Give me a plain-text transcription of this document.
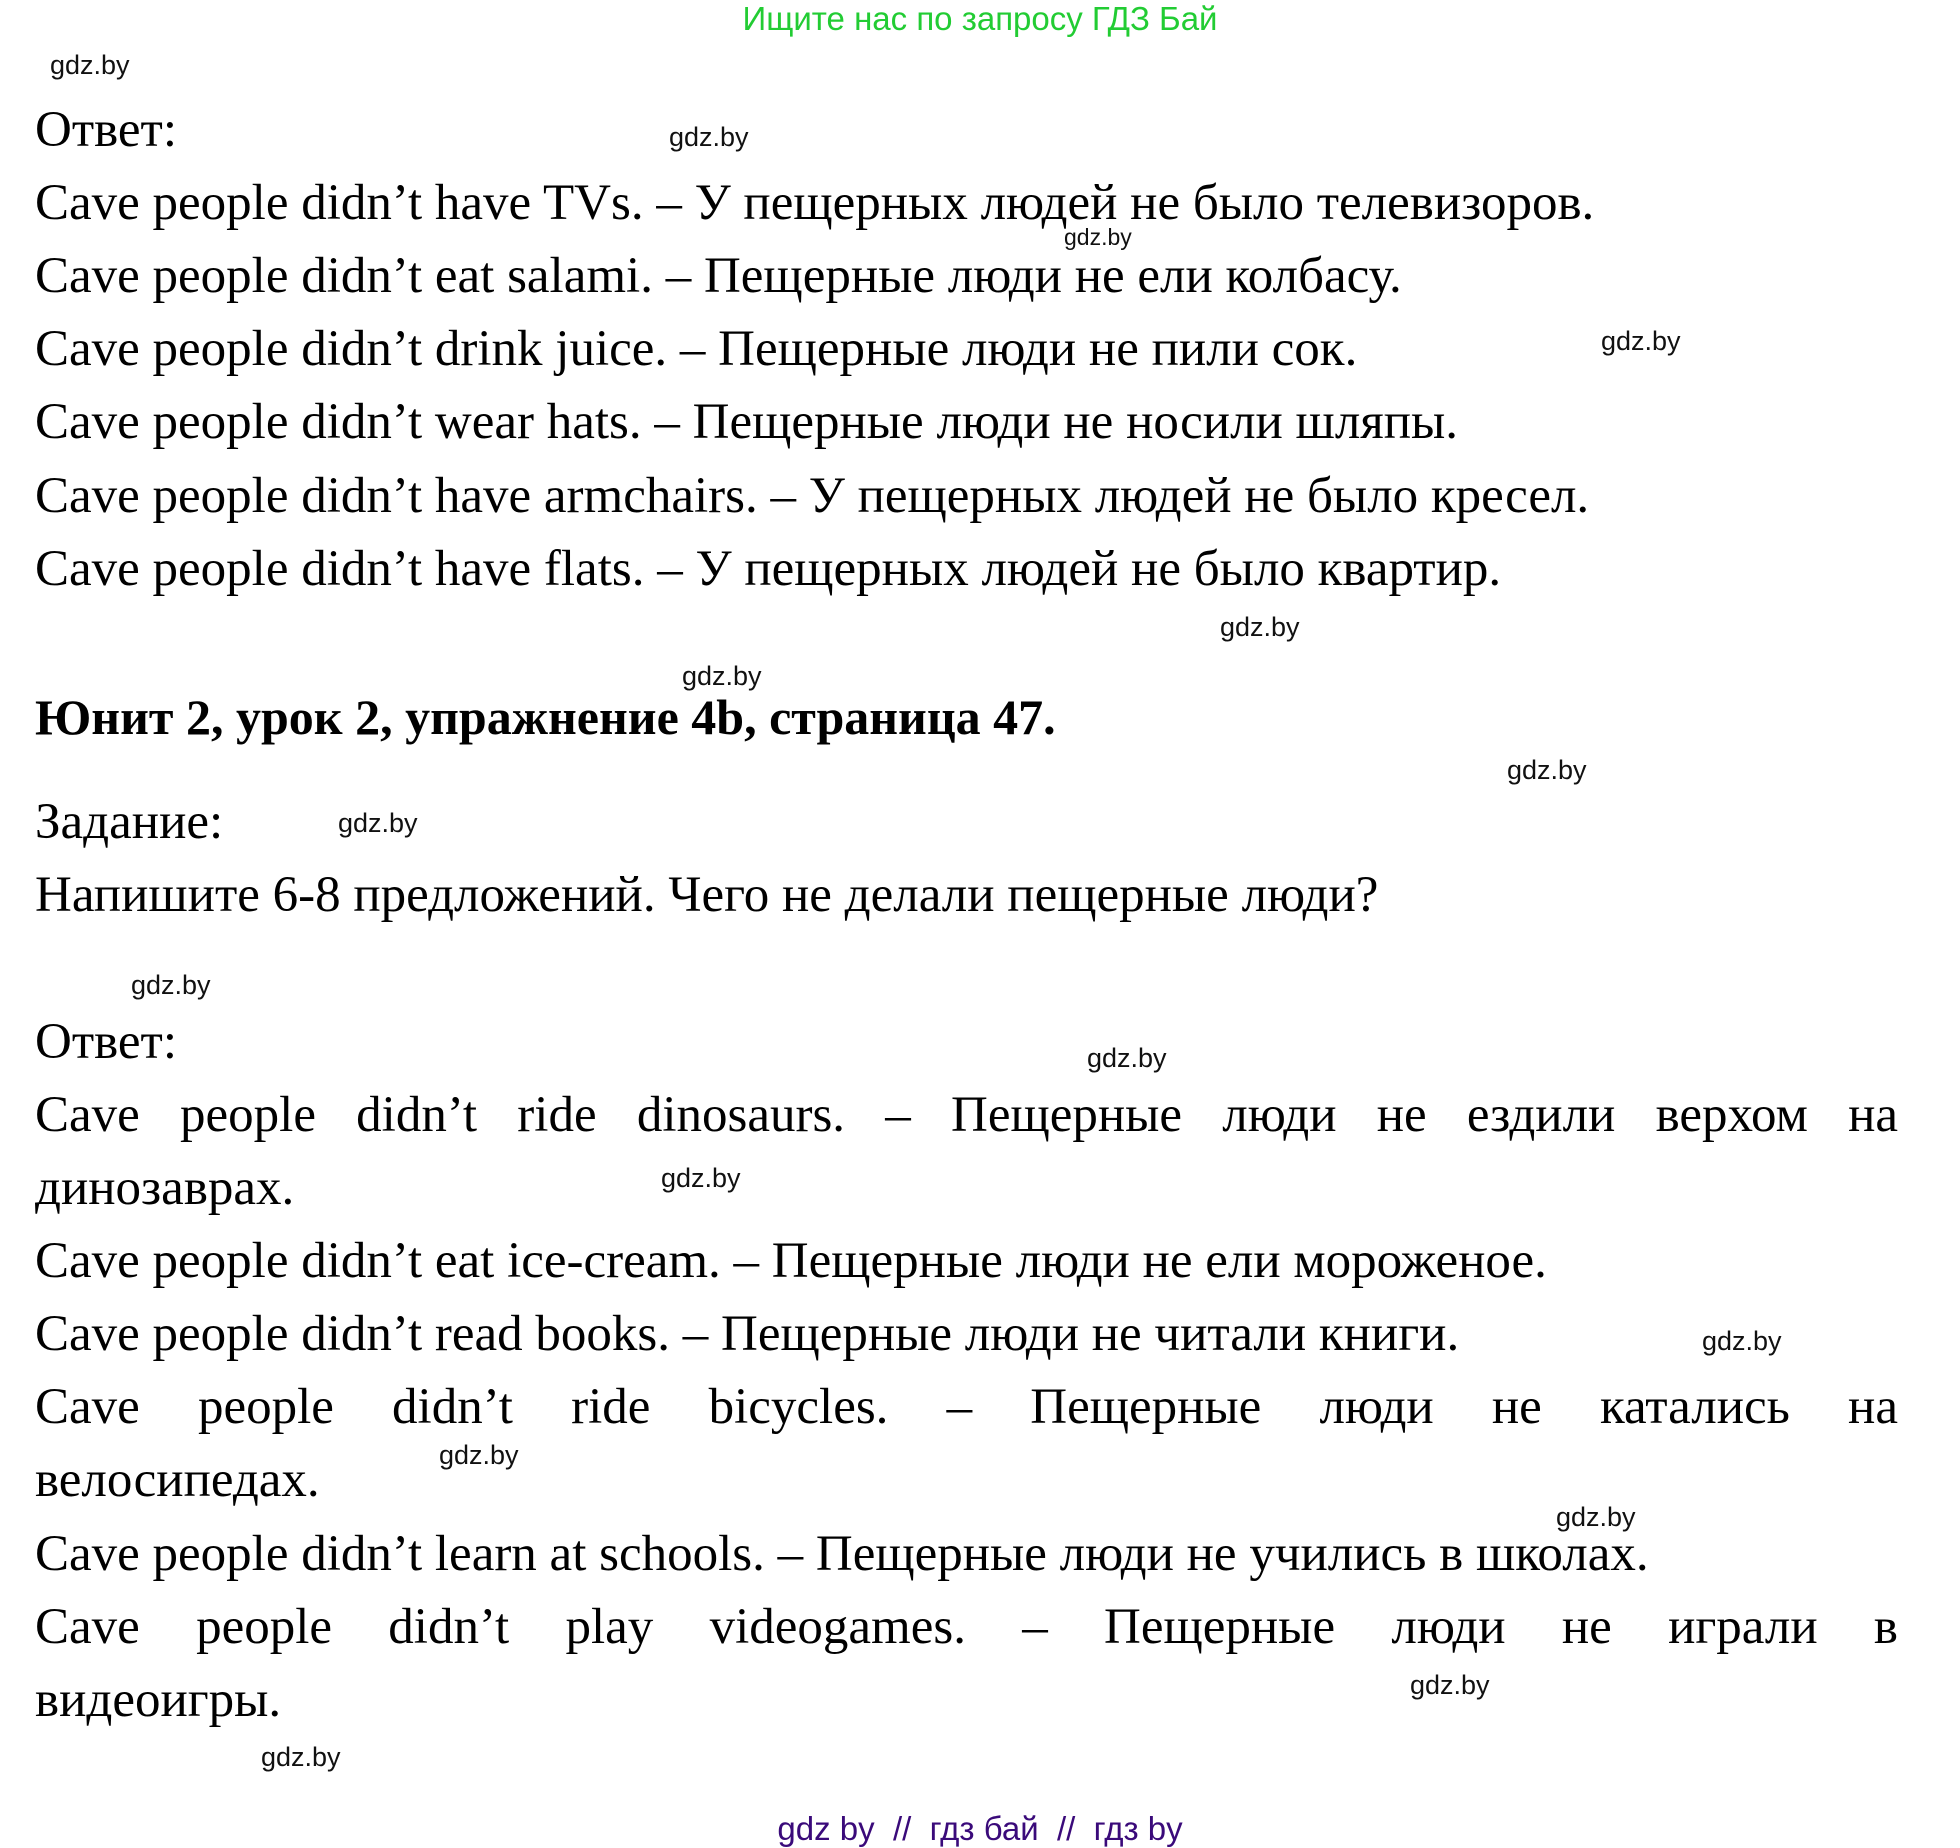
Ищите нас по запросу ГДЗ Бай
gdz.by
gdz.by
gdz.by
gdz.by
gdz.by
gdz.by
gdz.by
gdz.by
gdz.by
gdz.by
gdz.by
gdz.by
gdz.by
gdz.by
gdz.by
gdz.by
Ответ:
Cave people didn’t have TVs. – У пещерных людей не было телевизоров.
Cave people didn’t eat salami. – Пещерные люди не ели колбасу.
Cave people didn’t drink juice. – Пещерные люди не пили сок.
Cave people didn’t wear hats. – Пещерные люди не носили шляпы.
Cave people didn’t have armchairs. – У пещерных людей не было кресел.
Cave people didn’t have flats. – У пещерных людей не было квартир.
Юнит 2, урок 2, упражнение 4b, страница 47.
Задание:
Напишите 6-8 предложений. Чего не делали пещерные люди?
Ответ:
Cave people didn’t ride dinosaurs. – Пещерные люди не ездили верхом на
динозаврах.
Cave people didn’t eat ice-cream. – Пещерные люди не ели мороженое.
Cave people didn’t read books. – Пещерные люди не читали книги.
Cave people didn’t ride bicycles. – Пещерные люди не катались на
велосипедах.
Cave people didn’t learn at schools. – Пещерные люди не учились в школах.
Cave people didn’t play videogames. – Пещерные люди не играли в
видеоигры.
gdz by  //  гдз бай  //  гдз by
